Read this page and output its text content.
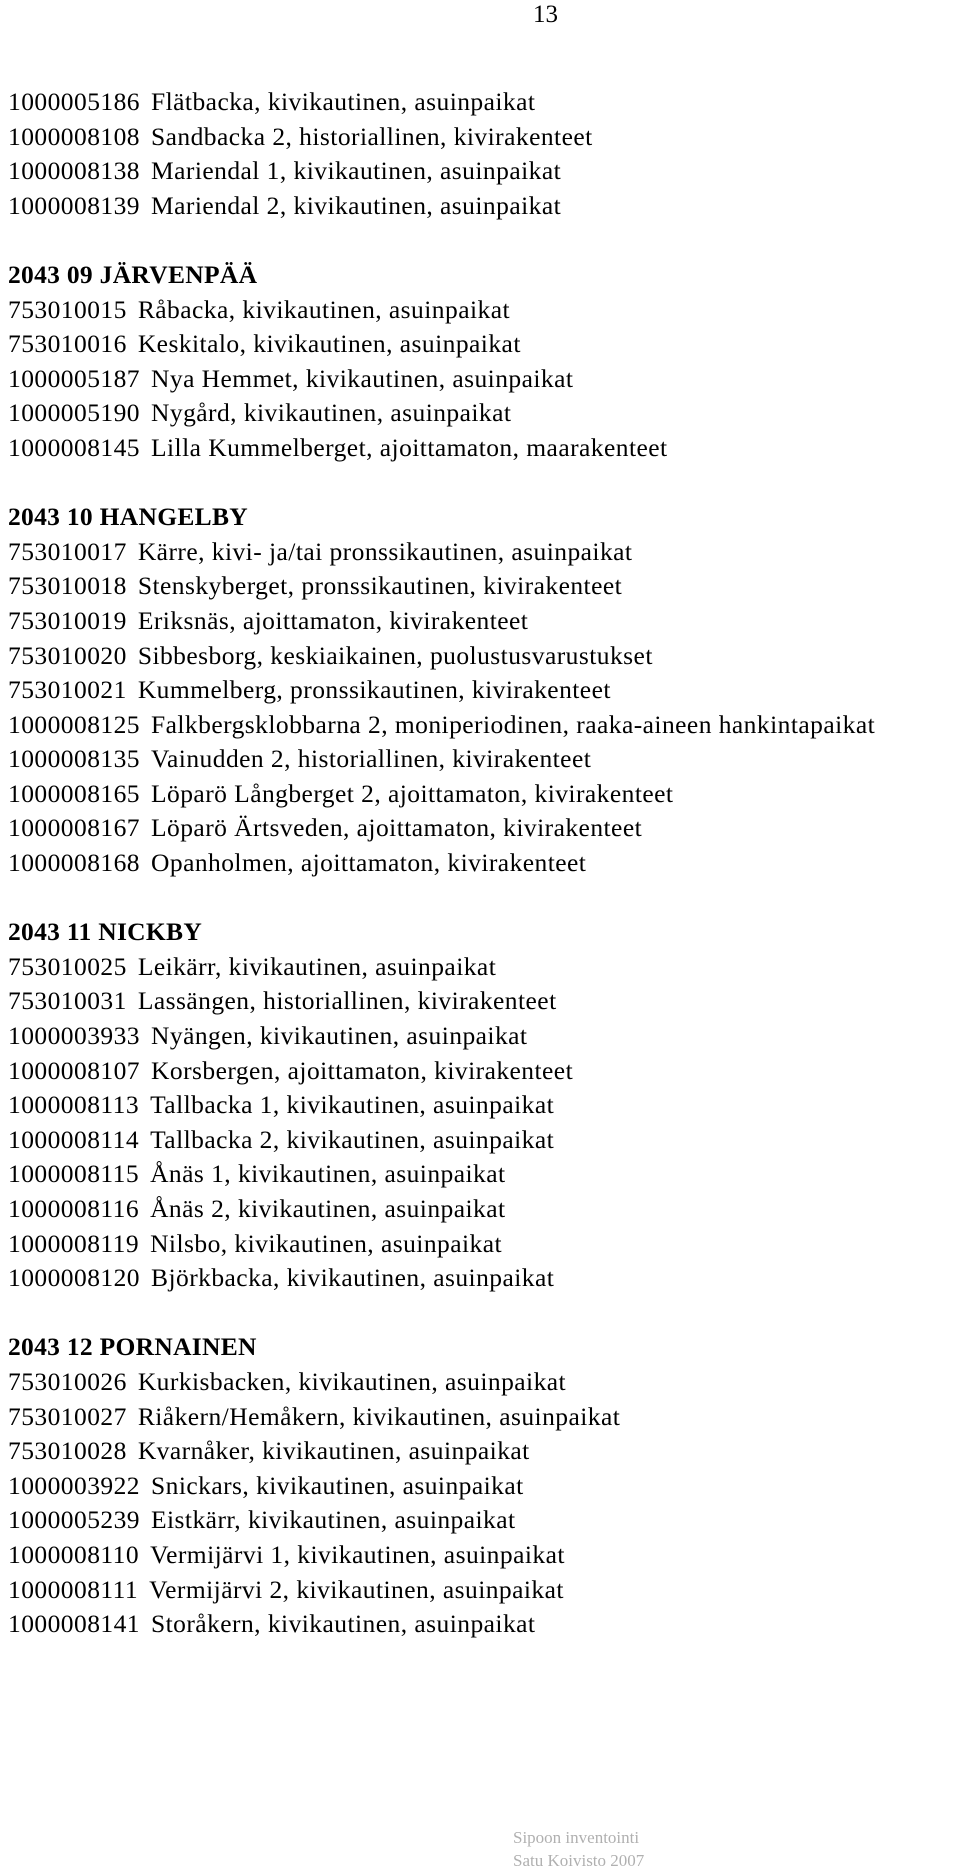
13
1000005186 Flätbacka, kivikautinen, asuinpaikat
1000008108 Sandbacka 2, historiallinen, kivirakenteet
1000008138 Mariendal 1, kivikautinen, asuinpaikat
1000008139 Mariendal 2, kivikautinen, asuinpaikat
2043 09 JÄRVENPÄÄ
753010015 Råbacka, kivikautinen, asuinpaikat
753010016 Keskitalo, kivikautinen, asuinpaikat
1000005187 Nya Hemmet, kivikautinen, asuinpaikat
1000005190 Nygård, kivikautinen, asuinpaikat
1000008145 Lilla Kummelberget, ajoittamaton, maarakenteet
2043 10 HANGELBY
753010017 Kärre, kivi- ja/tai pronssikautinen, asuinpaikat
753010018 Stenskyberget, pronssikautinen, kivirakenteet
753010019 Eriksnäs, ajoittamaton, kivirakenteet
753010020 Sibbesborg, keskiaikainen, puolustusvarustukset
753010021 Kummelberg, pronssikautinen, kivirakenteet
1000008125 Falkbergsklobbarna 2, moniperiodinen, raaka-aineen hankintapaikat
1000008135 Vainudden 2, historiallinen, kivirakenteet
1000008165 Löparö Långberget 2, ajoittamaton, kivirakenteet
1000008167 Löparö Ärtsveden, ajoittamaton, kivirakenteet
1000008168 Opanholmen, ajoittamaton, kivirakenteet
2043 11 NICKBY
753010025 Leikärr, kivikautinen, asuinpaikat
753010031 Lassängen, historiallinen, kivirakenteet
1000003933 Nyängen, kivikautinen, asuinpaikat
1000008107 Korsbergen, ajoittamaton, kivirakenteet
1000008113 Tallbacka 1, kivikautinen, asuinpaikat
1000008114 Tallbacka 2, kivikautinen, asuinpaikat
1000008115 Ånäs 1, kivikautinen, asuinpaikat
1000008116 Ånäs 2, kivikautinen, asuinpaikat
1000008119 Nilsbo, kivikautinen, asuinpaikat
1000008120 Björkbacka, kivikautinen, asuinpaikat
2043 12 PORNAINEN
753010026 Kurkisbacken, kivikautinen, asuinpaikat
753010027 Riåkern/Hemåkern, kivikautinen, asuinpaikat
753010028 Kvarnåker, kivikautinen, asuinpaikat
1000003922 Snickars, kivikautinen, asuinpaikat
1000005239 Eistkärr, kivikautinen, asuinpaikat
1000008110 Vermijärvi 1, kivikautinen, asuinpaikat
1000008111 Vermijärvi 2, kivikautinen, asuinpaikat
1000008141 Storåkern, kivikautinen, asuinpaikat
Sipoon inventointi
Satu Koivisto 2007
